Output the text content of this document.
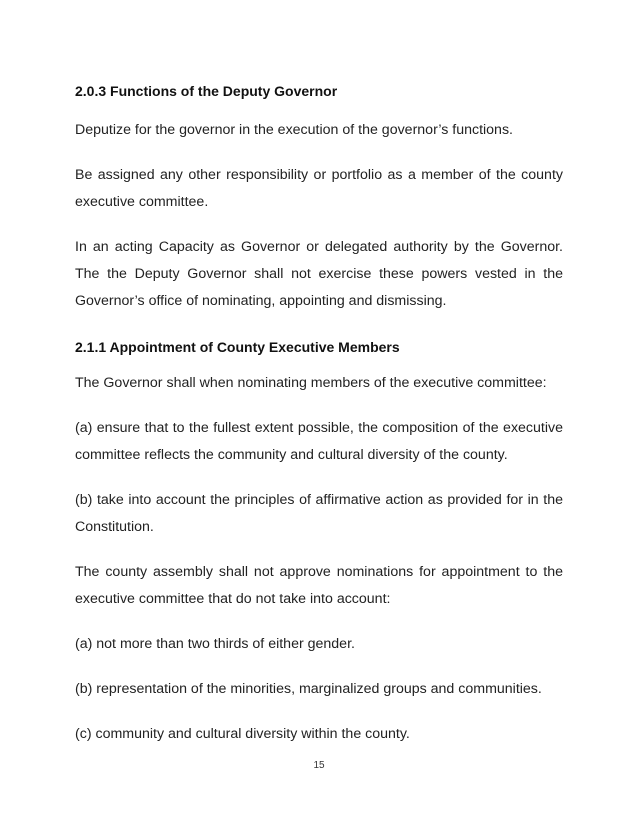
2.0.3 Functions of the Deputy Governor

Deputize for the governor in the execution of the governor’s functions.

Be assigned any other responsibility or portfolio as a member of the county executive committee.

In an acting Capacity as Governor or delegated authority by the Governor. The the Deputy Governor shall not exercise these powers vested in the Governor’s office of nominating, appointing and dismissing.

2.1.1 Appointment of County Executive Members

The Governor shall when nominating members of the executive committee:

(a) ensure that to the fullest extent possible, the composition of the executive committee reflects the community and cultural diversity of the county.

(b) take into account the principles of affirmative action as provided for in the Constitution.

The county assembly shall not approve nominations for appointment to the executive committee that do not take into account:

(a) not more than two thirds of either gender.

(b) representation of the minorities, marginalized groups and communities.

(c) community and cultural diversity within the county.

15
